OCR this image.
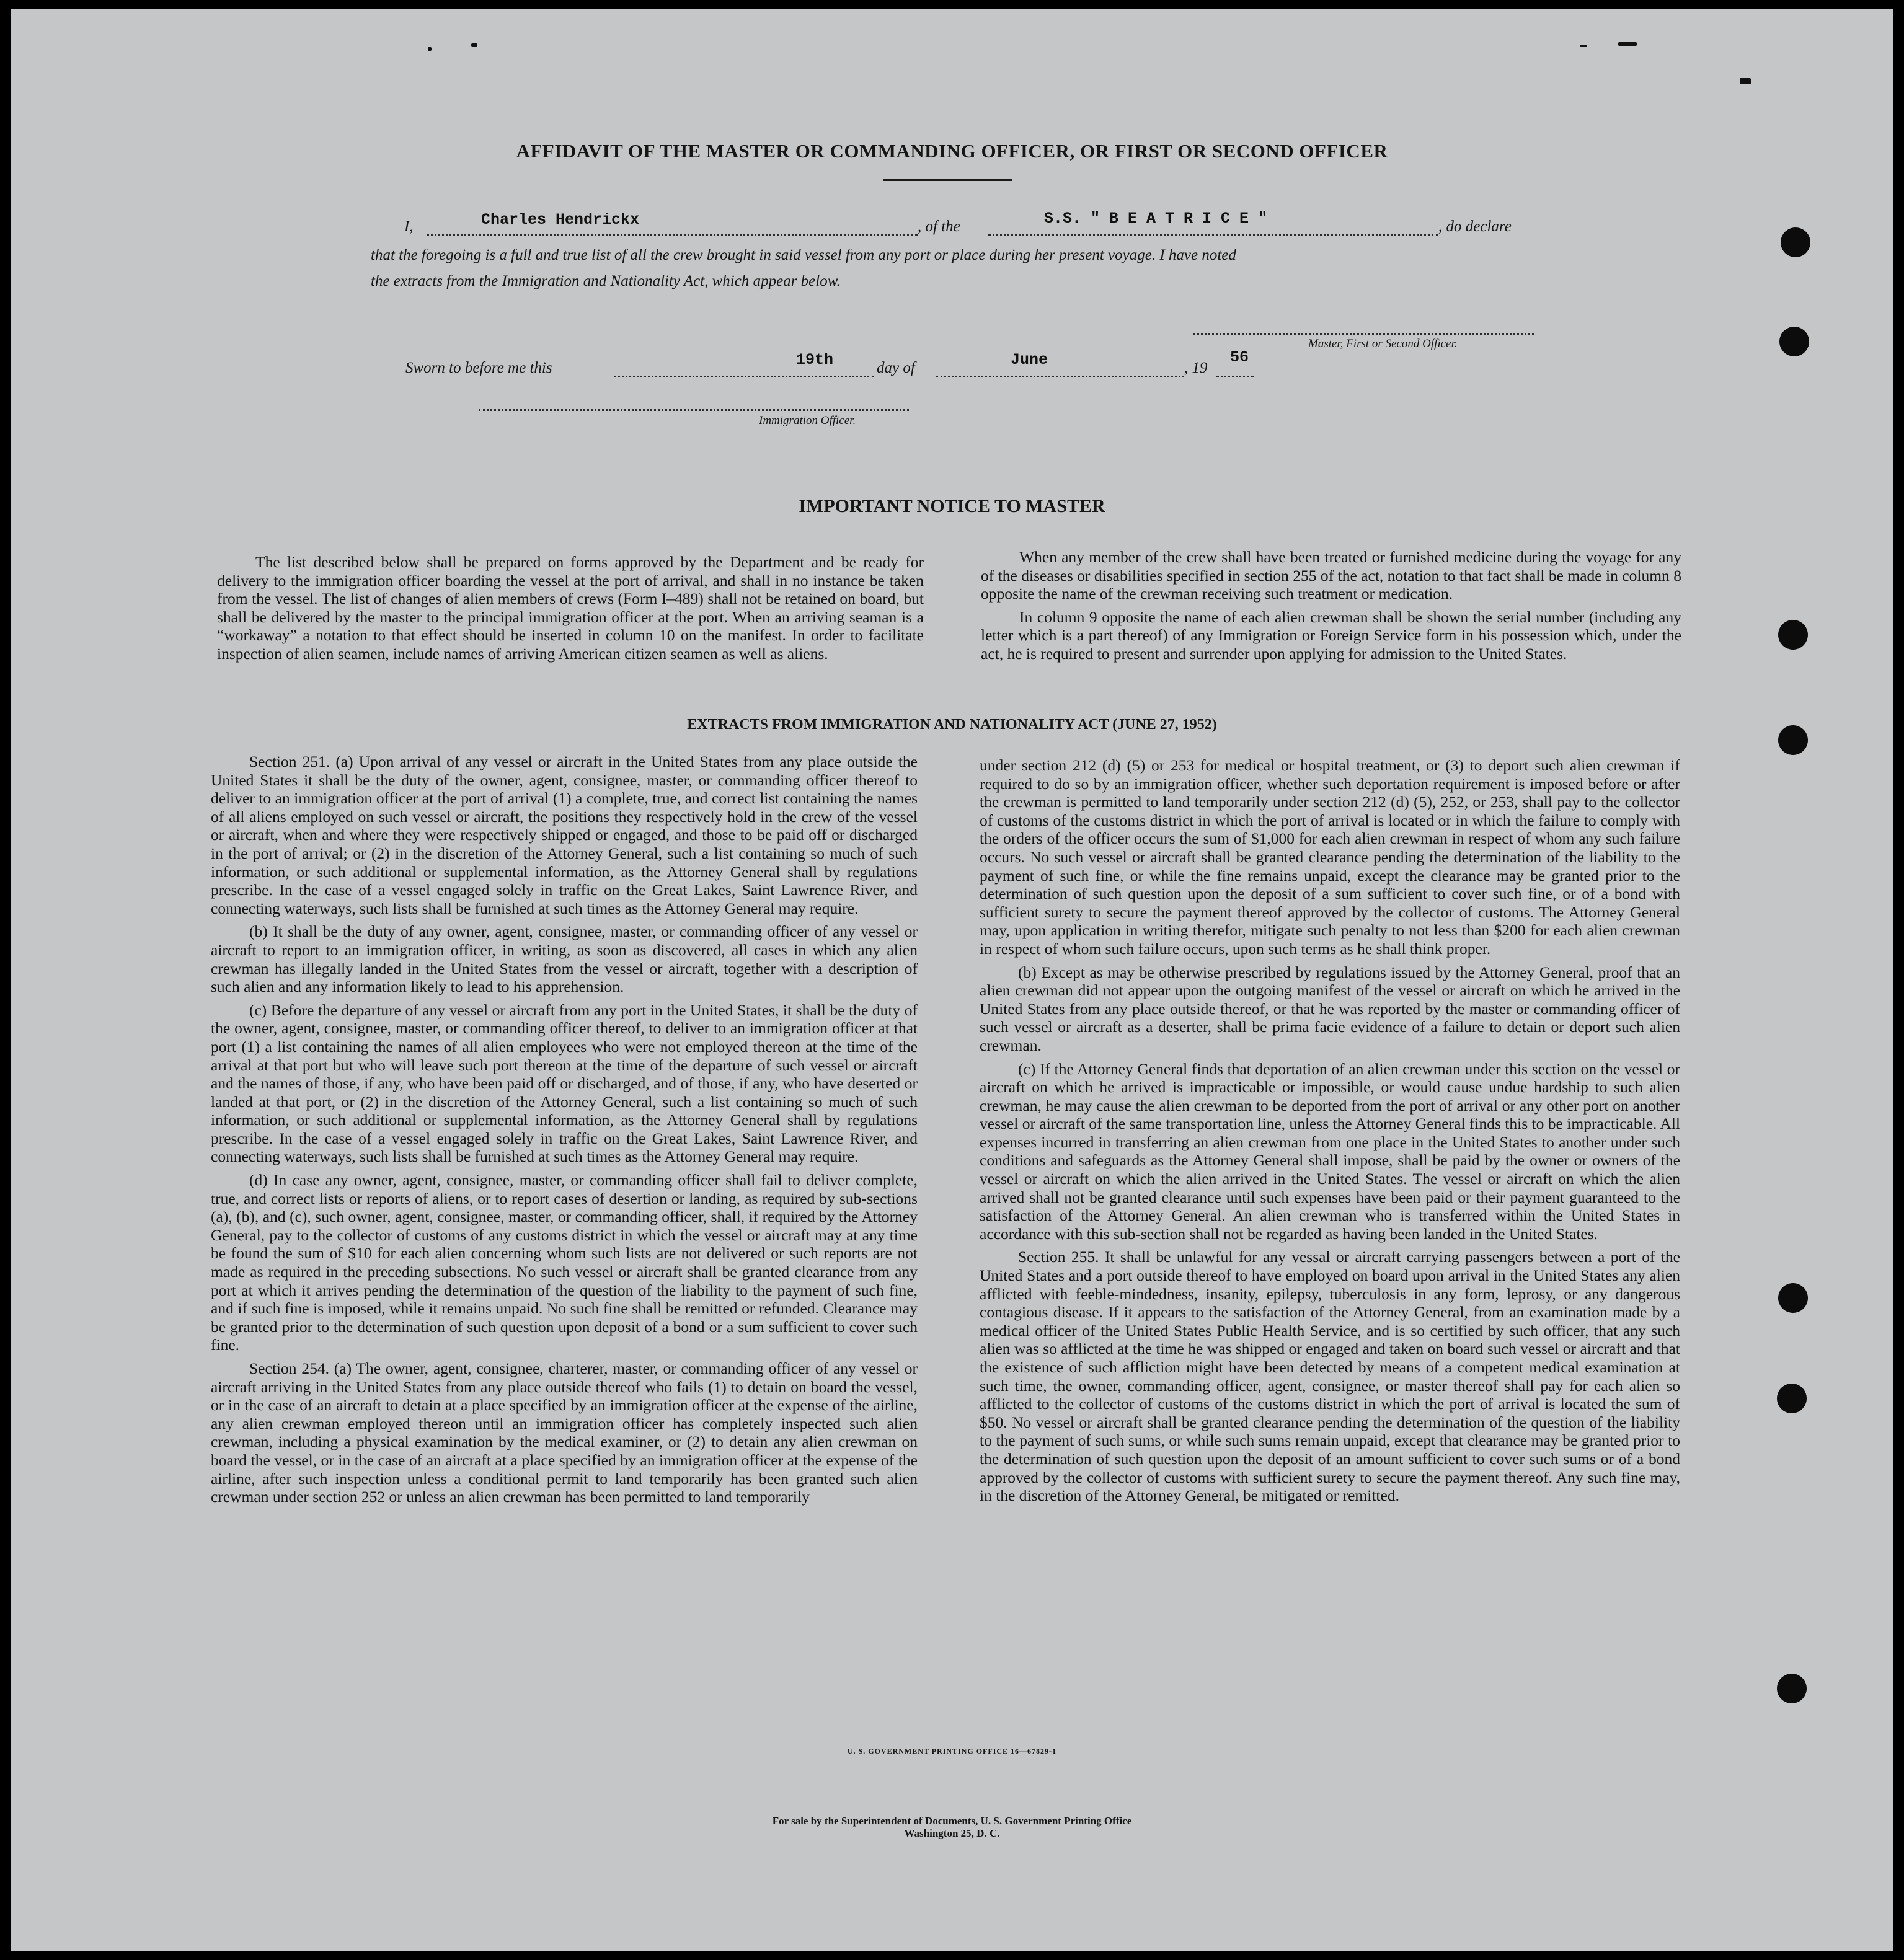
AFFIDAVIT OF THE MASTER OR COMMANDING OFFICER, OR FIRST OR SECOND OFFICER
I,	Charles Hendrickx	, of the	S.S. " B E A T R I C E "	, do declare
that the foregoing is a full and true list of all the crew brought in said vessel from any port or place during her present voyage. I have noted
the extracts from the Immigration and Nationality Act, which appear below.
Master, First or Second Officer.
Sworn to before me this	19th	day of	June	, 19
56
Immigration Officer.
IMPORTANT NOTICE TO MASTER

The list described below shall be prepared on forms approved by the Department and be ready for delivery to the immigration officer boarding the vessel at the port of arrival, and shall in no instance be taken from the vessel. The list of changes of alien members of crews (Form I–489) shall not be retained on board, but shall be delivered by the master to the principal immigration officer at the port. When an arriving seaman is a “workaway” a notation to that effect should be inserted in column 10 on the manifest. In order to facilitate inspection of alien seamen, include names of arriving American citizen seamen as well as aliens.

When any member of the crew shall have been treated or furnished medicine during the voyage for any of the diseases or disabilities specified in section 255 of the act, notation to that fact shall be made in column 8 opposite the name of the crewman receiving such treatment or medication.

In column 9 opposite the name of each alien crewman shall be shown the serial number (including any letter which is a part thereof) of any Immigration or Foreign Service form in his possession which, under the act, he is required to present and surrender upon applying for admission to the United States.

EXTRACTS FROM IMMIGRATION AND NATIONALITY ACT (JUNE 27, 1952)

Section 251. (a) Upon arrival of any vessel or aircraft in the United States from any place outside the United States it shall be the duty of the owner, agent, consignee, master, or commanding officer thereof to deliver to an immigration officer at the port of arrival (1) a complete, true, and correct list containing the names of all aliens employed on such vessel or aircraft, the positions they respectively hold in the crew of the vessel or aircraft, when and where they were respectively shipped or engaged, and those to be paid off or discharged in the port of arrival; or (2) in the discretion of the Attorney General, such a list containing so much of such information, or such additional or supplemental information, as the Attorney General shall by regulations prescribe. In the case of a vessel engaged solely in traffic on the Great Lakes, Saint Lawrence River, and connecting waterways, such lists shall be furnished at such times as the Attorney General may require.

(b) It shall be the duty of any owner, agent, consignee, master, or commanding officer of any vessel or aircraft to report to an immigration officer, in writing, as soon as discovered, all cases in which any alien crewman has illegally landed in the United States from the vessel or aircraft, together with a description of such alien and any information likely to lead to his apprehension.

(c) Before the departure of any vessel or aircraft from any port in the United States, it shall be the duty of the owner, agent, consignee, master, or commanding officer thereof, to deliver to an immigration officer at that port (1) a list containing the names of all alien employees who were not employed thereon at the time of the arrival at that port but who will leave such port thereon at the time of the departure of such vessel or aircraft and the names of those, if any, who have been paid off or discharged, and of those, if any, who have deserted or landed at that port, or (2) in the discretion of the Attorney General, such a list containing so much of such information, or such additional or supplemental information, as the Attorney General shall by regulations prescribe. In the case of a vessel engaged solely in traffic on the Great Lakes, Saint Lawrence River, and connecting waterways, such lists shall be furnished at such times as the Attorney General may require.

(d) In case any owner, agent, consignee, master, or commanding officer shall fail to deliver complete, true, and correct lists or reports of aliens, or to report cases of desertion or landing, as required by sub-sections (a), (b), and (c), such owner, agent, consignee, master, or commanding officer, shall, if required by the Attorney General, pay to the collector of customs of any customs district in which the vessel or aircraft may at any time be found the sum of $10 for each alien concerning whom such lists are not delivered or such reports are not made as required in the preceding subsections. No such vessel or aircraft shall be granted clearance from any port at which it arrives pending the determination of the question of the liability to the payment of such fine, and if such fine is imposed, while it remains unpaid. No such fine shall be remitted or refunded. Clearance may be granted prior to the determination of such question upon deposit of a bond or a sum sufficient to cover such fine.

Section 254. (a) The owner, agent, consignee, charterer, master, or commanding officer of any vessel or aircraft arriving in the United States from any place outside thereof who fails (1) to detain on board the vessel, or in the case of an aircraft to detain at a place specified by an immigration officer at the expense of the airline, any alien crewman employed thereon until an immigration officer has completely inspected such alien crewman, including a physical examination by the medical examiner, or (2) to detain any alien crewman on board the vessel, or in the case of an aircraft at a place specified by an immigration officer at the expense of the airline, after such inspection unless a conditional permit to land temporarily has been granted such alien crewman under section 252 or unless an alien crewman has been permitted to land temporarily

under section 212 (d) (5) or 253 for medical or hospital treatment, or (3) to deport such alien crewman if required to do so by an immigration officer, whether such deportation requirement is imposed before or after the crewman is permitted to land temporarily under section 212 (d) (5), 252, or 253, shall pay to the collector of customs of the customs district in which the port of arrival is located or in which the failure to comply with the orders of the officer occurs the sum of $1,000 for each alien crewman in respect of whom any such failure occurs. No such vessel or aircraft shall be granted clearance pending the determination of the liability to the payment of such fine, or while the fine remains unpaid, except the clearance may be granted prior to the determination of such question upon the deposit of a sum sufficient to cover such fine, or of a bond with sufficient surety to secure the payment thereof approved by the collector of customs. The Attorney General may, upon application in writing therefor, mitigate such penalty to not less than $200 for each alien crewman in respect of whom such failure occurs, upon such terms as he shall think proper.

(b) Except as may be otherwise prescribed by regulations issued by the Attorney General, proof that an alien crewman did not appear upon the outgoing manifest of the vessel or aircraft on which he arrived in the United States from any place outside thereof, or that he was reported by the master or commanding officer of such vessel or aircraft as a deserter, shall be prima facie evidence of a failure to detain or deport such alien crewman.

(c) If the Attorney General finds that deportation of an alien crewman under this section on the vessel or aircraft on which he arrived is impracticable or impossible, or would cause undue hardship to such alien crewman, he may cause the alien crewman to be deported from the port of arrival or any other port on another vessel or aircraft of the same transportation line, unless the Attorney General finds this to be impracticable. All expenses incurred in transferring an alien crewman from one place in the United States to another under such conditions and safeguards as the Attorney General shall impose, shall be paid by the owner or owners of the vessel or aircraft on which the alien arrived in the United States. The vessel or aircraft on which the alien arrived shall not be granted clearance until such expenses have been paid or their payment guaranteed to the satisfaction of the Attorney General. An alien crewman who is transferred within the United States in accordance with this sub-section shall not be regarded as having been landed in the United States.

Section 255. It shall be unlawful for any vessal or aircraft carrying passengers between a port of the United States and a port outside thereof to have employed on board upon arrival in the United States any alien afflicted with feeble-mindedness, insanity, epilepsy, tuberculosis in any form, leprosy, or any dangerous contagious disease. If it appears to the satisfaction of the Attorney General, from an examination made by a medical officer of the United States Public Health Service, and is so certified by such officer, that any such alien was so afflicted at the time he was shipped or engaged and taken on board such vessel or aircraft and that the existence of such affliction might have been detected by means of a competent medical examination at such time, the owner, commanding officer, agent, consignee, or master thereof shall pay for each alien so afflicted to the collector of customs of the customs district in which the port of arrival is located the sum of $50. No vessel or aircraft shall be granted clearance pending the determination of the question of the liability to the payment of such sums, or while such sums remain unpaid, except that clearance may be granted prior to the determination of such question upon the deposit of an amount sufficient to cover such sums or of a bond approved by the collector of customs with sufficient surety to secure the payment thereof. Any such fine may, in the discretion of the Attorney General, be mitigated or remitted.

U. S. GOVERNMENT PRINTING OFFICE 16—67829-1
For sale by the Superintendent of Documents, U. S. Government Printing Office
Washington 25, D. C.
